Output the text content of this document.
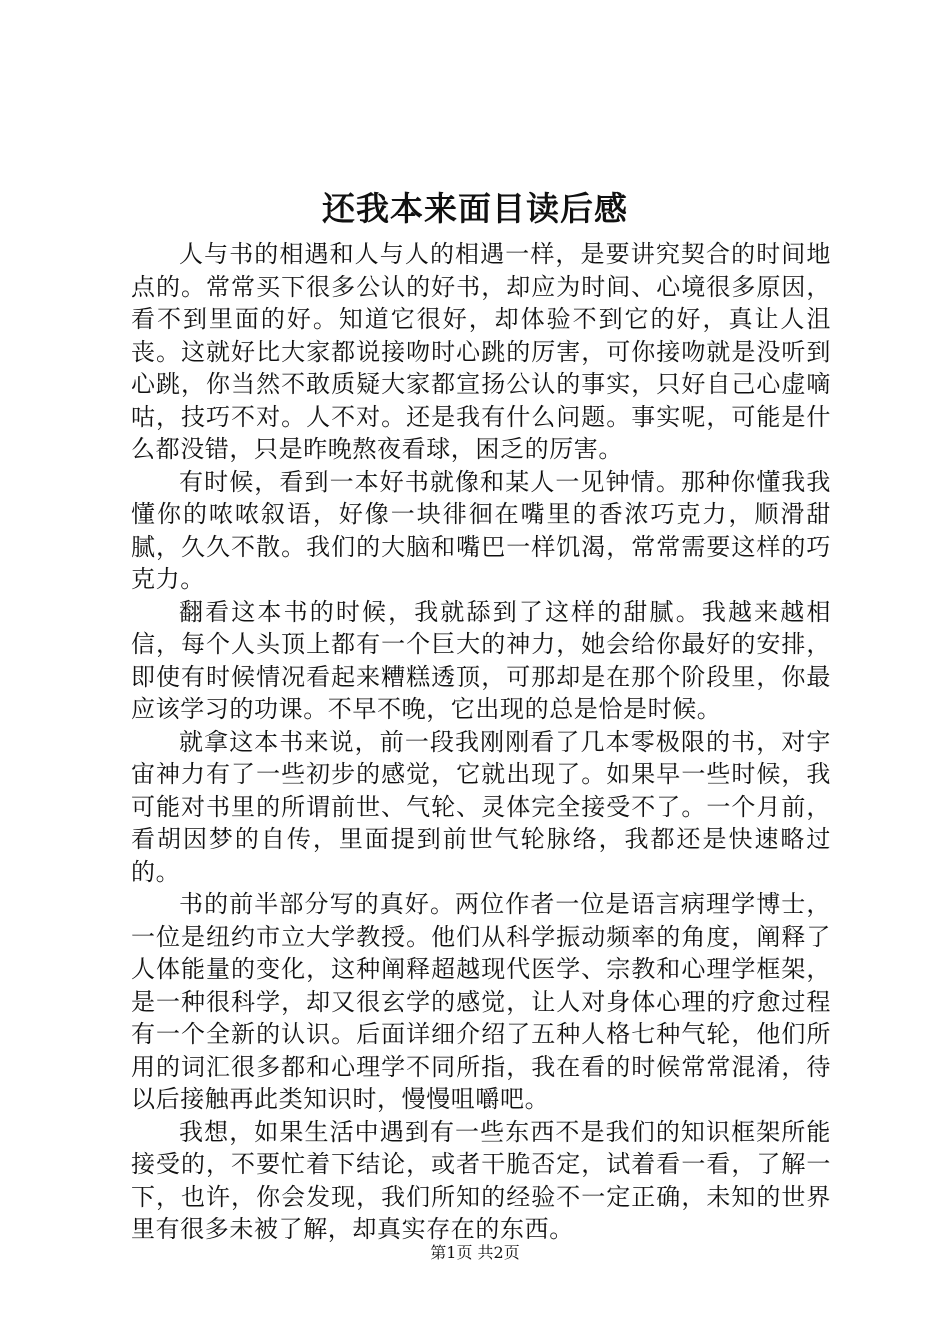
还我本来面目读后感

人与书的相遇和人与人的相遇一样，是要讲究契合的时间地点的。常常买下很多公认的好书，却应为时间、心境很多原因，看不到里面的好。知道它很好，却体验不到它的好，真让人沮丧。这就好比大家都说接吻时心跳的厉害，可你接吻就是没听到心跳，你当然不敢质疑大家都宣扬公认的事实，只好自己心虚嘀咕，技巧不对。人不对。还是我有什么问题。事实呢，可能是什么都没错，只是昨晚熬夜看球，困乏的厉害。

有时候，看到一本好书就像和某人一见钟情。那种你懂我我懂你的哝哝叙语，好像一块徘徊在嘴里的香浓巧克力，顺滑甜腻，久久不散。我们的大脑和嘴巴一样饥渴，常常需要这样的巧克力。

翻看这本书的时候，我就舔到了这样的甜腻。我越来越相信，每个人头顶上都有一个巨大的神力，她会给你最好的安排，即使有时候情况看起来糟糕透顶，可那却是在那个阶段里，你最应该学习的功课。不早不晚，它出现的总是恰是时候。

就拿这本书来说，前一段我刚刚看了几本零极限的书，对宇宙神力有了一些初步的感觉，它就出现了。如果早一些时候，我可能对书里的所谓前世、气轮、灵体完全接受不了。一个月前，看胡因梦的自传，里面提到前世气轮脉络，我都还是快速略过的。

书的前半部分写的真好。两位作者一位是语言病理学博士，一位是纽约市立大学教授。他们从科学振动频率的角度，阐释了人体能量的变化，这种阐释超越现代医学、宗教和心理学框架，是一种很科学，却又很玄学的感觉，让人对身体心理的疗愈过程有一个全新的认识。后面详细介绍了五种人格七种气轮，他们所用的词汇很多都和心理学不同所指，我在看的时候常常混淆，待以后接触再此类知识时，慢慢咀嚼吧。

我想，如果生活中遇到有一些东西不是我们的知识框架所能接受的，不要忙着下结论，或者干脆否定，试着看一看，了解一下，也许，你会发现，我们所知的经验不一定正确，未知的世界里有很多未被了解，却真实存在的东西。

第1页 共2页
